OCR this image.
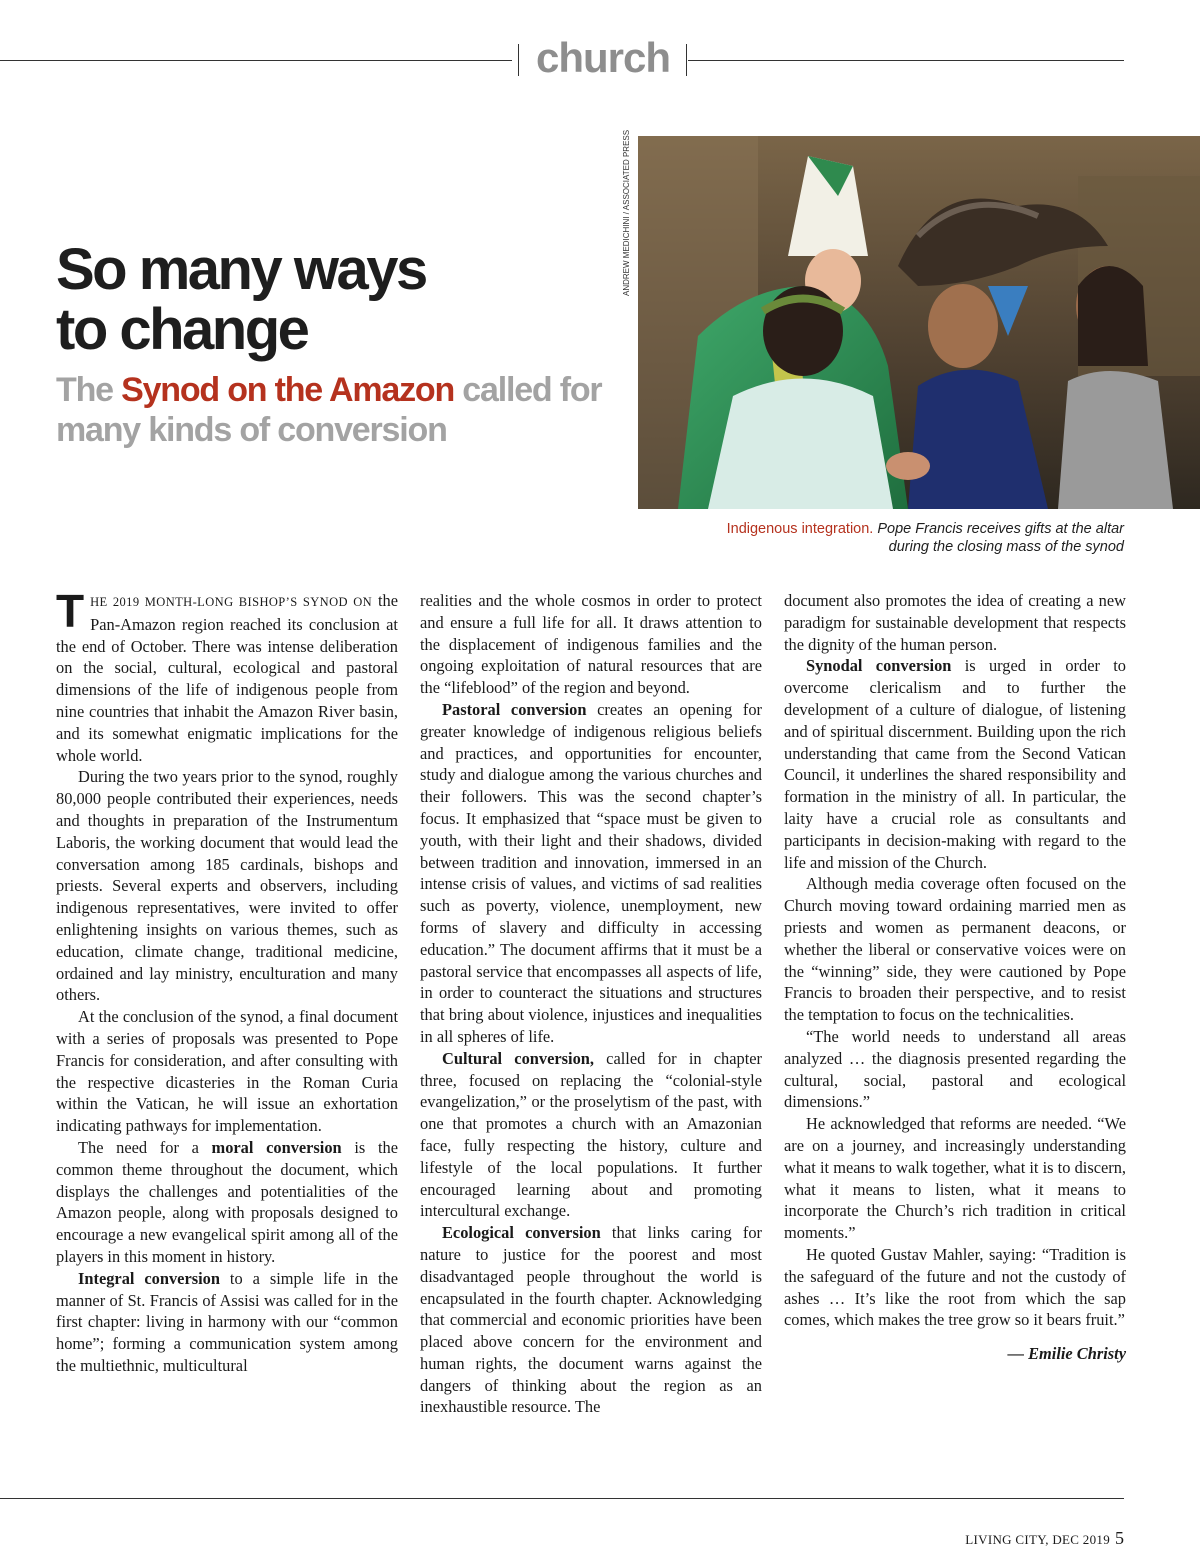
church
So many ways
to change
The Synod on the Amazon called for many kinds of conversion
ANDREW MEDICHINI / ASSOCIATED PRESS
Indigenous integration. Pope Francis receives gifts at the altar during the closing mass of the synod

THE 2019 MONTH-LONG BISHOP’S SYNOD ON the Pan-Amazon region reached its conclusion at the end of October. There was intense deliberation on the social, cultural, ecological and pastoral dimensions of the life of indigenous people from nine countries that inhabit the Amazon River basin, and its somewhat enigmatic implications for the whole world.

During the two years prior to the synod, roughly 80,000 people contributed their experiences, needs and thoughts in preparation of the Instrumentum Laboris, the working document that would lead the conversation among 185 cardinals, bishops and priests. Several experts and observers, including indigenous representatives, were invited to offer enlightening insights on various themes, such as education, climate change, traditional medicine, ordained and lay ministry, enculturation and many others.

At the conclusion of the synod, a final document with a series of proposals was presented to Pope Francis for consideration, and after consulting with the respective dicasteries in the Roman Curia within the Vatican, he will issue an exhortation indicating pathways for implementation.

The need for a moral conversion is the common theme throughout the document, which displays the challenges and potentialities of the Amazon people, along with proposals designed to encourage a new evangelical spirit among all of the players in this moment in history.

Integral conversion to a simple life in the manner of St. Francis of Assisi was called for in the first chapter: living in harmony with our “common home”; forming a communication system among the multiethnic, multicultural

realities and the whole cosmos in order to protect and ensure a full life for all. It draws attention to the displacement of indigenous families and the ongoing exploitation of natural resources that are the “lifeblood” of the region and beyond.

Pastoral conversion creates an opening for greater knowledge of indigenous religious beliefs and practices, and opportunities for encounter, study and dialogue among the various churches and their followers. This was the second chapter’s focus. It emphasized that “space must be given to youth, with their light and their shadows, divided between tradition and innovation, immersed in an intense crisis of values, and victims of sad realities such as poverty, violence, unemployment, new forms of slavery and difficulty in accessing education.” The document affirms that it must be a pastoral service that encompasses all aspects of life, in order to counteract the situations and structures that bring about violence, injustices and inequalities in all spheres of life.

Cultural conversion, called for in chapter three, focused on replacing the “colonial-style evangelization,” or the proselytism of the past, with one that promotes a church with an Amazonian face, fully respecting the history, culture and lifestyle of the local populations. It further encouraged learning about and promoting intercultural exchange.

Ecological conversion that links caring for nature to justice for the poorest and most disadvantaged people throughout the world is encapsulated in the fourth chapter. Acknowledging that commercial and economic priorities have been placed above concern for the environment and human rights, the document warns against the dangers of thinking about the region as an inexhaustible resource. The

document also promotes the idea of creating a new paradigm for sustainable development that respects the dignity of the human person.

Synodal conversion is urged in order to overcome clericalism and to further the development of a culture of dialogue, of listening and of spiritual discernment. Building upon the rich understanding that came from the Second Vatican Council, it underlines the shared responsibility and formation in the ministry of all. In particular, the laity have a crucial role as consultants and participants in decision-making with regard to the life and mission of the Church.

Although media coverage often focused on the Church moving toward ordaining married men as priests and women as permanent deacons, or whether the liberal or conservative voices were on the “winning” side, they were cautioned by Pope Francis to broaden their perspective, and to resist the temptation to focus on the technicalities.

“The world needs to understand all areas analyzed … the diagnosis presented regarding the cultural, social, pastoral and ecological dimensions.”

He acknowledged that reforms are needed. “We are on a journey, and increasingly understanding what it means to walk together, what it is to discern, what it means to listen, what it means to incorporate the Church’s rich tradition in critical moments.”

He quoted Gustav Mahler, saying: “Tradition is the safeguard of the future and not the custody of ashes … It’s like the root from which the sap comes, which makes the tree grow so it bears fruit.”

— Emilie Christy

LIVING CITY, DEC 2019 5
